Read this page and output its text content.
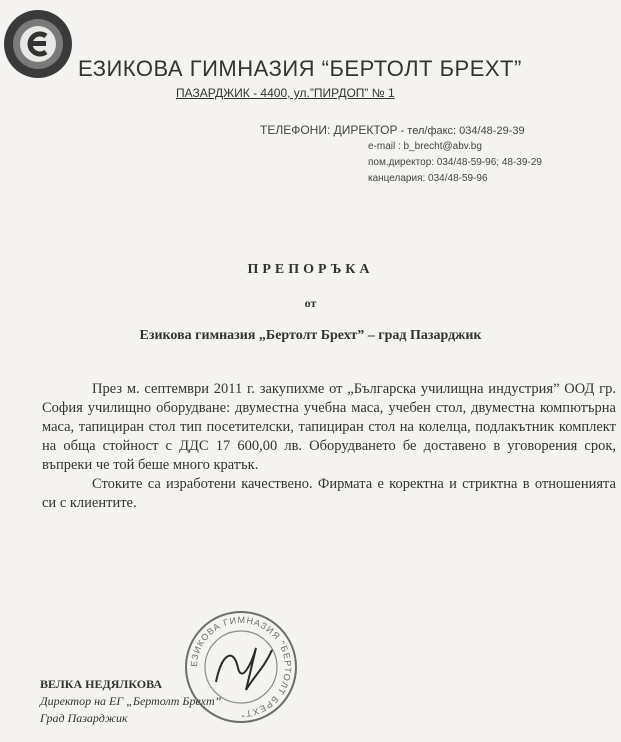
ЕЗИКОВА ГИМНАЗИЯ “БЕРТОЛТ БРЕХТ”
ПАЗАРДЖИК - 4400, ул.”ПИРДОП” № 1
ТЕЛЕФОНИ: ДИРЕКТОР - тел/факс: 034/48-29-39
e-mail : b_brecht@abv.bg
пом.директор: 034/48-59-96; 48-39-29
канцелария: 034/48-59-96
ПРЕПОРЪКА
от
Езикова гимназия „Бертолт Брехт” – град Пазарджик

През м. септември 2011 г. закупихме от „Българска училищна индустрия” ООД гр. София училищно оборудване: двуместна учебна маса, учебен стол, двуместна компютърна маса, тапициран стол тип посетителски, тапициран стол на колелца, подлакътник комплект на обща стойност с ДДС 17 600,00 лв. Оборудването бе доставено в уговорения срок, въпреки че той беше много кратък.

Стоките са изработени качествено. Фирмата е коректна и стриктна в отношенията си с клиентите.

ЕЗИКОВА ГИМНАЗИЯ "БЕРТОЛТ БРЕХТ"
ВЕЛКА НЕДЯЛКОВА
Директор на ЕГ „Бертолт Брехт”
Град Пазарджик
